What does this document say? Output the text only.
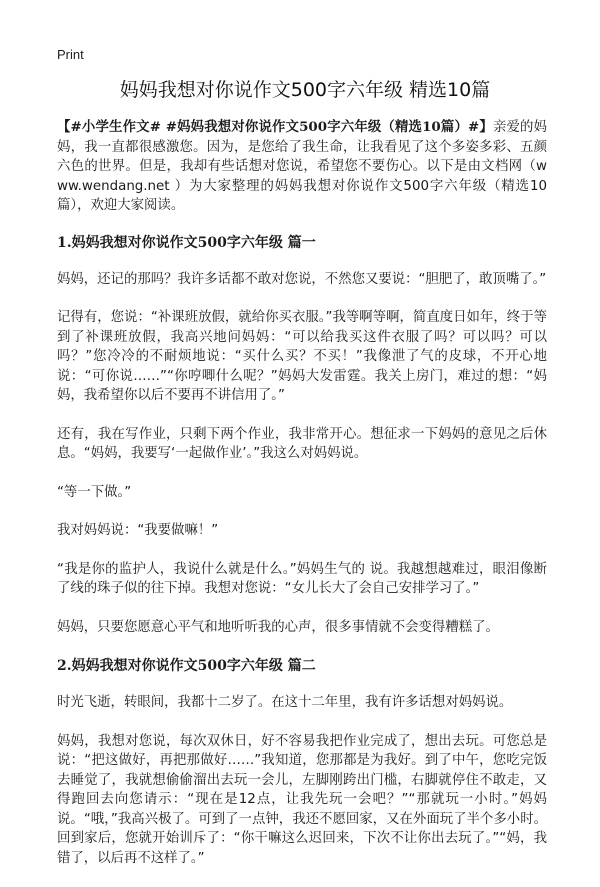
Print
妈妈我想对你说作文500字六年级 精选10篇

【#小学生作文# #妈妈我想对你说作文500字六年级（精选10篇）#】亲爱的妈妈，我一直都很感激您。因为，是您给了我生命，让我看见了这个多姿多彩、五颜六色的世界。但是，我却有些话想对您说，希望您不要伤心。以下是由文档网（www.wendang.net ）为大家整理的妈妈我想对你说作文500字六年级（精选10篇），欢迎大家阅读。

1.妈妈我想对你说作文500字六年级 篇一

妈妈，还记的那吗？我许多话都不敢对您说，不然您又要说：“胆肥了，敢顶嘴了。”

记得有，您说：“补课班放假，就给你买衣服。”我等啊等啊，简直度日如年，终于等到了补课班放假，我高兴地问妈妈：“可以给我买这件衣服了吗？可以吗？可以吗？”您冷冷的不耐烦地说：“买什么买？不买！”我像泄了气的皮球，不开心地说：“可你说……”“你哼唧什么呢？”妈妈大发雷霆。我关上房门，难过的想：“妈妈，我希望你以后不要再不讲信用了。”

还有，我在写作业，只剩下两个作业，我非常开心。想征求一下妈妈的意见之后休息。“妈妈，我要写‘一起做作业’。”我这么对妈妈说。

“等一下做。”

我对妈妈说：“我要做嘛！”

“我是你的监护人，我说什么就是什么。”妈妈生气的 说。我越想越难过，眼泪像断了线的珠子似的往下掉。我想对您说：“女儿长大了会自己安排学习了。”

妈妈，只要您愿意心平气和地听听我的心声，很多事情就不会变得糟糕了。

2.妈妈我想对你说作文500字六年级 篇二

时光飞逝，转眼间，我都十二岁了。在这十二年里，我有许多话想对妈妈说。

妈妈，我想对您说，每次双休日，好不容易我把作业完成了，想出去玩。可您总是说：“把这做好，再把那做好……”我知道，您那都是为我好。到了中午，您吃完饭去睡觉了，我就想偷偷溜出去玩一会儿，左脚刚跨出门槛，右脚就停住不敢走，又得跑回去向您请示：“现在是12点，让我先玩一会吧？”“那就玩一小时。”妈妈说。“哦，”我高兴极了。可到了一点钟，我还不愿回家，又在外面玩了半个多小时。回到家后，您就开始训斥了：“你干嘛这么迟回来，下次不让你出去玩了。”“妈，我错了，以后再不这样了。”
